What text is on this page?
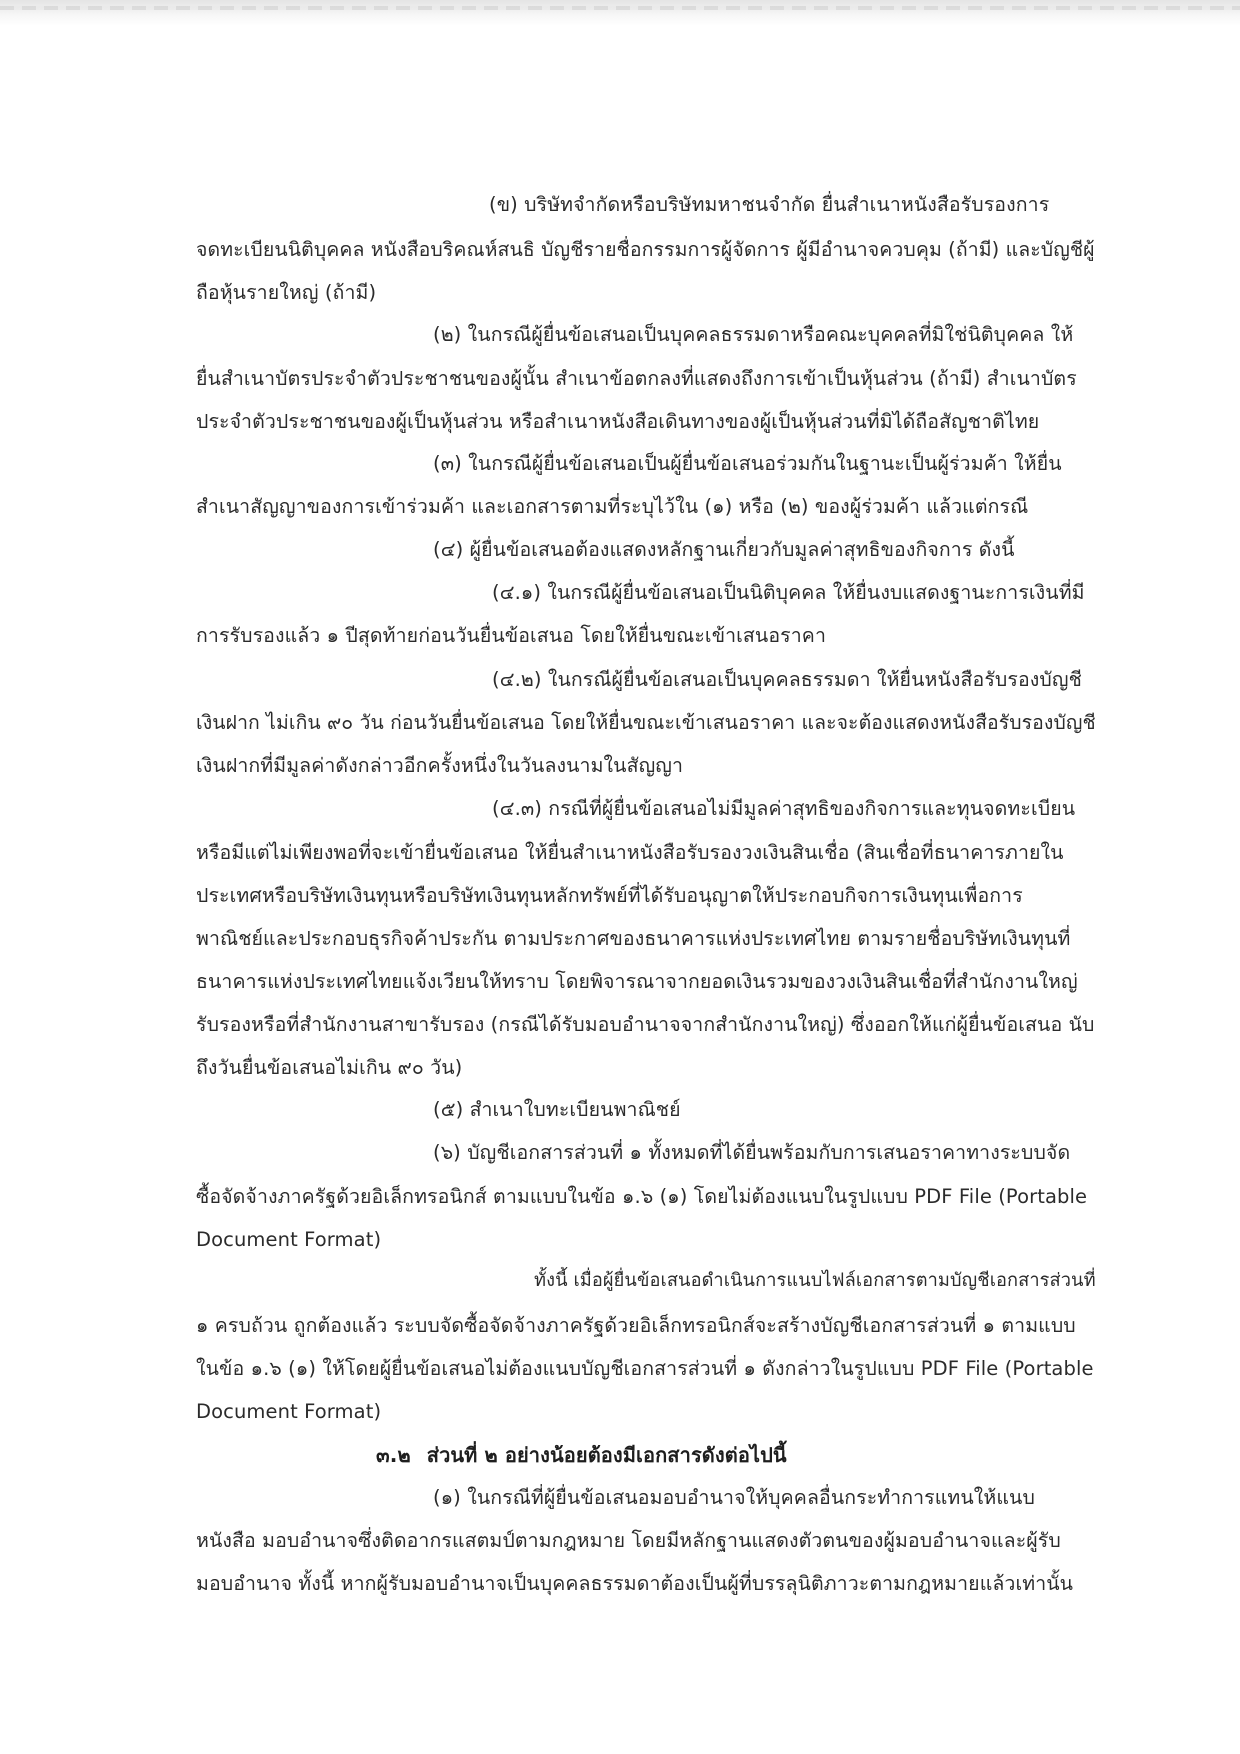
(ข) บริษัทจำกัดหรือบริษัทมหาชนจำกัด ยื่นสำเนาหนังสือรับรองการ
จดทะเบียนนิติบุคคล หนังสือบริคณห์สนธิ บัญชีรายชื่อกรรมการผู้จัดการ ผู้มีอำนาจควบคุม (ถ้ามี) และบัญชีผู้
ถือหุ้นรายใหญ่ (ถ้ามี)
(๒) ในกรณีผู้ยื่นข้อเสนอเป็นบุคคลธรรมดาหรือคณะบุคคลที่มิใช่นิติบุคคล ให้
ยื่นสำเนาบัตรประจำตัวประชาชนของผู้นั้น สำเนาข้อตกลงที่แสดงถึงการเข้าเป็นหุ้นส่วน (ถ้ามี) สำเนาบัตร
ประจำตัวประชาชนของผู้เป็นหุ้นส่วน หรือสำเนาหนังสือเดินทางของผู้เป็นหุ้นส่วนที่มิได้ถือสัญชาติไทย
(๓) ในกรณีผู้ยื่นข้อเสนอเป็นผู้ยื่นข้อเสนอร่วมกันในฐานะเป็นผู้ร่วมค้า ให้ยื่น
สำเนาสัญญาของการเข้าร่วมค้า และเอกสารตามที่ระบุไว้ใน (๑) หรือ (๒) ของผู้ร่วมค้า แล้วแต่กรณี
(๔) ผู้ยื่นข้อเสนอต้องแสดงหลักฐานเกี่ยวกับมูลค่าสุทธิของกิจการ ดังนี้
(๔.๑) ในกรณีผู้ยื่นข้อเสนอเป็นนิติบุคคล ให้ยื่นงบแสดงฐานะการเงินที่มี
การรับรองแล้ว ๑ ปีสุดท้ายก่อนวันยื่นข้อเสนอ โดยให้ยื่นขณะเข้าเสนอราคา
(๔.๒) ในกรณีผู้ยื่นข้อเสนอเป็นบุคคลธรรมดา ให้ยื่นหนังสือรับรองบัญชี
เงินฝาก ไม่เกิน ๙๐ วัน ก่อนวันยื่นข้อเสนอ โดยให้ยื่นขณะเข้าเสนอราคา และจะต้องแสดงหนังสือรับรองบัญชี
เงินฝากที่มีมูลค่าดังกล่าวอีกครั้งหนึ่งในวันลงนามในสัญญา
(๔.๓) กรณีที่ผู้ยื่นข้อเสนอไม่มีมูลค่าสุทธิของกิจการและทุนจดทะเบียน
หรือมีแต่ไม่เพียงพอที่จะเข้ายื่นข้อเสนอ ให้ยื่นสำเนาหนังสือรับรองวงเงินสินเชื่อ (สินเชื่อที่ธนาคารภายใน
ประเทศหรือบริษัทเงินทุนหรือบริษัทเงินทุนหลักทรัพย์ที่ได้รับอนุญาตให้ประกอบกิจการเงินทุนเพื่อการ
พาณิชย์และประกอบธุรกิจค้าประกัน ตามประกาศของธนาคารแห่งประเทศไทย ตามรายชื่อบริษัทเงินทุนที่
ธนาคารแห่งประเทศไทยแจ้งเวียนให้ทราบ โดยพิจารณาจากยอดเงินรวมของวงเงินสินเชื่อที่สำนักงานใหญ่
รับรองหรือที่สำนักงานสาขารับรอง (กรณีได้รับมอบอำนาจจากสำนักงานใหญ่) ซึ่งออกให้แก่ผู้ยื่นข้อเสนอ นับ
ถึงวันยื่นข้อเสนอไม่เกิน ๙๐ วัน)
(๕) สำเนาใบทะเบียนพาณิชย์
(๖) บัญชีเอกสารส่วนที่ ๑ ทั้งหมดที่ได้ยื่นพร้อมกับการเสนอราคาทางระบบจัด
ซื้อจัดจ้างภาครัฐด้วยอิเล็กทรอนิกส์ ตามแบบในข้อ ๑.๖ (๑) โดยไม่ต้องแนบในรูปแบบ PDF File (Portable
Document Format)
ทั้งนี้ เมื่อผู้ยื่นข้อเสนอดำเนินการแนบไฟล์เอกสารตามบัญชีเอกสารส่วนที่
๑ ครบถ้วน ถูกต้องแล้ว ระบบจัดซื้อจัดจ้างภาครัฐด้วยอิเล็กทรอนิกส์จะสร้างบัญชีเอกสารส่วนที่ ๑ ตามแบบ
ในข้อ ๑.๖ (๑) ให้โดยผู้ยื่นข้อเสนอไม่ต้องแนบบัญชีเอกสารส่วนที่ ๑ ดังกล่าวในรูปแบบ PDF File (Portable
Document Format)
๓.๒ ส่วนที่ ๒ อย่างน้อยต้องมีเอกสารดังต่อไปนี้
(๑) ในกรณีที่ผู้ยื่นข้อเสนอมอบอำนาจให้บุคคลอื่นกระทำการแทนให้แนบ
หนังสือ มอบอำนาจซึ่งติดอากรแสตมป์ตามกฎหมาย โดยมีหลักฐานแสดงตัวตนของผู้มอบอำนาจและผู้รับ
มอบอำนาจ ทั้งนี้ หากผู้รับมอบอำนาจเป็นบุคคลธรรมดาต้องเป็นผู้ที่บรรลุนิติภาวะตามกฎหมายแล้วเท่านั้น
